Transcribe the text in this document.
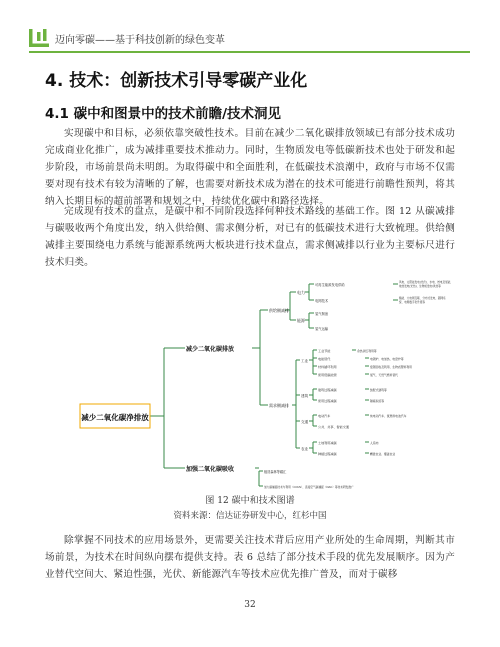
迈向零碳——基于科技创新的绿色变革
4. 技术：创新技术引导零碳产业化
4.1 碳中和图景中的技术前瞻/技术洞见

实现碳中和目标，必须依靠突破性技术。目前在减少二氧化碳排放领域已有部分技术成功完成商业化推广，成为减排重要技术推动力。同时，生物质发电等低碳新技术也处于研发和起步阶段，市场前景尚未明朗。为取得碳中和全面胜利，在低碳技术浪潮中，政府与市场不仅需要对现有技术有较为清晰的了解，也需要对新技术成为潜在的技术可能进行前瞻性预判，将其纳入长期目标的超前部署和规划之中，持续优化碳中和路径选择。

完成现有技术的盘点，是碳中和不同阶段选择何种技术路线的基础工作。图 12 从碳减排与碳吸收两个角度出发，纳入供给侧、需求侧分析，对已有的低碳技术进行大致梳理。供给侧减排主要围绕电力系统与能源系统两大板块进行技术盘点，需求侧减排以行业为主要标尺进行技术归类。

减少二氧化碳净排放
减少二氧化碳排放
加强二氧化碳吸收
供给侧减排
需求侧减排
电力
能源
可再生能源发电供给
电网技术
风电、太阳能发电(光伏)、水电、核电及氢能、
地热发电(光热)、生物质发电/供热等
储能、大电网互联、分布式发电、超网系
统、电网数字化升级等
氢气制备
氢气运输
工业
建筑
交通
农业
工业节能	余热余压利用等
电能替代	电锅炉、电加热、电窑炉等
材料循环利用	废钢回收及利用、生物质塑料利用
使用低碳能源	氢气、天然气燃料替代
建筑过程减碳	装配式建筑等
使用过程减碳	隔墙系统等
电动汽车	纯电动汽车、氢燃料电池汽车
公共、共享、智能交通
土地利用减碳	人造肉
种植过程减碳	精准农业、覆盖农业
植造森林等碳汇
加大碳捕捉技术与利用（CCUS）、直接空气碳捕捉（DAC）等技术研发推广
图 12 碳中和技术图谱
资料来源：信达证券研发中心，红杉中国

除掌握不同技术的应用场景外，更需要关注技术背后应用产业所处的生命周期，判断其市场前景，为技术在时间纵向摆布提供支持。表 6 总结了部分技术手段的优先发展顺序。因为产业替代空间大、紧迫性强，光伏、新能源汽车等技术应优先推广普及，而对于碳移

32
